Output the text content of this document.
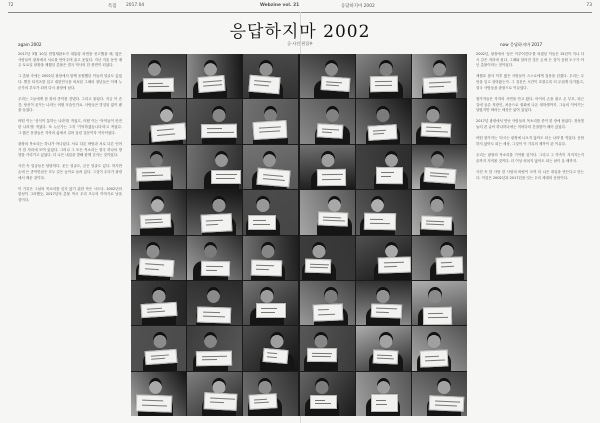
72	특집 2017.04	Webzine vol. 21	응답하지마 2002	73
응답하지마 2002
글·사진 편집부
again 2002	now 응답하지마 2017

2017년 3월 10일 헌법재판소가 대통령 파면을 선고했을 때, 많은 사람들이 광장에서 서로를 안아주며 울고 웃었다. 지난 겨울 동안 매주 토요일 광장을 채웠던 촛불은 결국 역사의 한 장면이 되었다.

그 촛불 속에는 2002년 광장에서 함께 응원했던 이들의 얼굴도 있었다. 빨간 티셔츠를 입고 대한민국을 외치던 그때의 청년들은 이제 누군가의 부모가 되어 다시 광장에 섰다.

우리는 그들에게 한 장의 종이를 건넸다. 그리고 물었다. 지금 이 순간, 당신이 꿈꾸는 나라는 어떤 모습인가요. 사람들은 망설임 없이 펜을 들었다.

어떤 이는 '상식이 통하는 나라'를 적었고, 어떤 이는 '아이들이 안전한 나라'를 적었다. 또 누군가는 그저 '기억하겠습니다'라고 적었다. 그 짧은 문장들은 각자의 삶에서 길어 올린 질문이자 약속이었다.

광장의 목소리는 하나가 아니었다. 서로 다른 바람과 서로 다른 언어가 한 자리에 모여 있었다. 그러나 그 모든 목소리는 결국 하나의 방향을 가리키고 있었다. 더 나은 내일을 향해 함께 걷자는 것이었다.

사진 속 얼굴들은 담담하다. 웃는 얼굴도, 굳은 얼굴도 있다. 하지만 손에 든 종이만큼은 모두 같은 높이로 들려 있다. 그것이 우리가 광장에서 배운 것이다.

이 기록은 그날의 목소리를 잊지 않기 위한 작은 시도다. 2002년의 함성이 그러했듯, 2017년의 촛불 역시 우리 모두의 이야기로 남을 것이다.

2002년, 광장에서 '꿈은 이루어진다'를 외쳤던 이들은 15년이 지나 다시 같은 자리에 섰다. 그때와 달라진 것은 손에 든 것이 응원 도구가 아닌 촛불이라는 점이었다.

세월호 참사 이후 많은 사람들이 스스로에게 질문을 던졌다. 우리는 무엇을 잊고 살아왔는가. 그 질문은 시간이 흐를수록 더 무겁게 다가왔고, 결국 사람들을 광장으로 이끌었다.

참가자들은 각자의 사연을 안고 왔다. 아이의 손을 잡고 온 부모, 퇴근길에 들른 직장인, 처음으로 집회에 나온 대학생까지. 그들의 이야기는 달랐지만 바라는 세상은 닮아 있었다.

2017년 광장에서 만난 사람들의 목소리를 종이 한 장에 담았다. 정성껏 눌러 쓴 글씨 하나하나에는 저마다의 간절함이 배어 있었다.

어떤 참가자는 '다시는 광장에 나오지 않아도 되는 나라'를 적었다. 응답하지 않아도 되는 세상, 그것이 이 기록의 제목이 된 이유다.

우리는 광장의 목소리를 기억할 것이다. 그리고 그 약속이 지켜지는지 끝까지 지켜볼 것이다. 더 이상 외치지 않아도 되는 날이 올 때까지.

사진 속 한 사람 한 사람의 바람이 모여 더 나은 내일을 만든다고 믿는다. 이것은 2002년과 2017년을 잇는 우리 세대의 응답이다.
